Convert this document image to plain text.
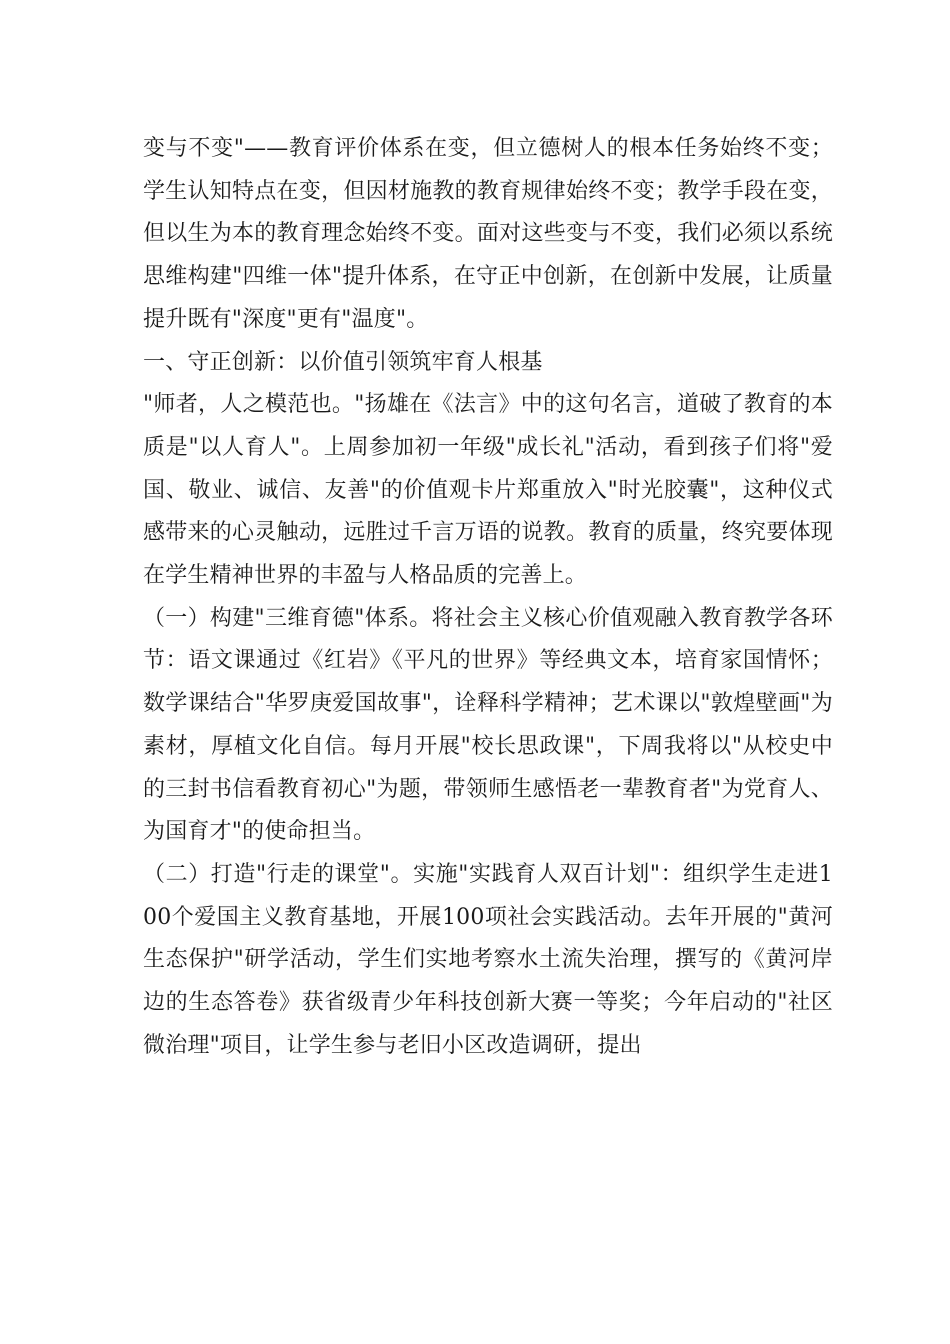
变与不变"——教育评价体系在变，但立德树人的根本任务始终不变；学生认知特点在变，但因材施教的教育规律始终不变；教学手段在变，但以生为本的教育理念始终不变。面对这些变与不变，我们必须以系统思维构建"四维一体"提升体系，在守正中创新，在创新中发展，让质量提升既有"深度"更有"温度"。

一、守正创新：以价值引领筑牢育人根基

"师者，人之模范也。"扬雄在《法言》中的这句名言，道破了教育的本质是"以人育人"。上周参加初一年级"成长礼"活动，看到孩子们将"爱国、敬业、诚信、友善"的价值观卡片郑重放入"时光胶囊"，这种仪式感带来的心灵触动，远胜过千言万语的说教。教育的质量，终究要体现在学生精神世界的丰盈与人格品质的完善上。

（一）构建"三维育德"体系。将社会主义核心价值观融入教育教学各环节：语文课通过《红岩》《平凡的世界》等经典文本，培育家国情怀；数学课结合"华罗庚爱国故事"，诠释科学精神；艺术课以"敦煌壁画"为素材，厚植文化自信。每月开展"校长思政课"，下周我将以"从校史中的三封书信看教育初心"为题，带领师生感悟老一辈教育者"为党育人、为国育才"的使命担当。

（二）打造"行走的课堂"。实施"实践育人双百计划"：组织学生走进100个爱国主义教育基地，开展100项社会实践活动。去年开展的"黄河生态保护"研学活动，学生们实地考察水土流失治理，撰写的《黄河岸边的生态答卷》获省级青少年科技创新大赛一等奖；今年启动的"社区微治理"项目，让学生参与老旧小区改造调研，提出
